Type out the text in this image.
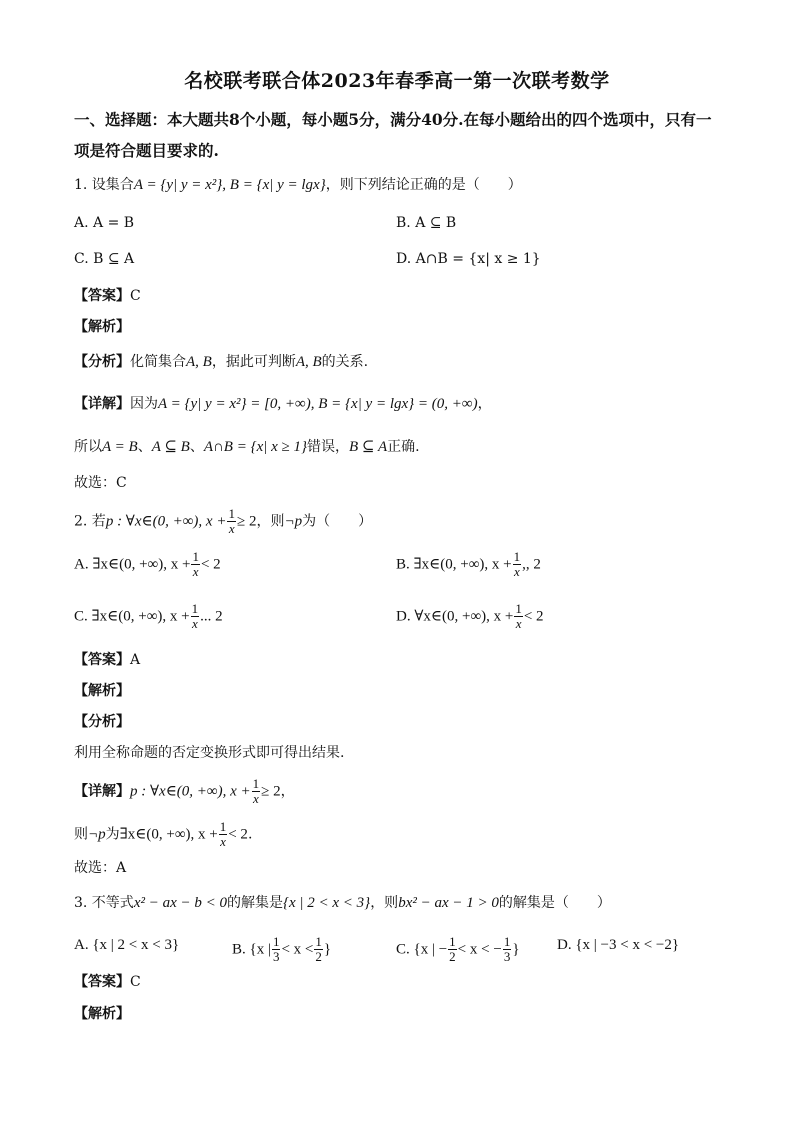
名校联考联合体2023年春季高一第一次联考数学
一、选择题：本大题共8个小题，每小题5分，满分40分.在每小题给出的四个选项中，只有一项是符合题目要求的.
1. 设集合A = {y| y = x²}, B = {x| y = lgx}，则下列结论正确的是（　　）
A. A = B	B. A ⊆ B
C. B ⊆ A	D. A∩B = {x| x ≥ 1}
【答案】C
【解析】
【分析】化简集合A, B，据此可判断A, B的关系.
【详解】因为A = {y| y = x²} = [0, +∞), B = {x| y = lgx} = (0, +∞)，
所以A = B、A ⊆ B、A∩B = {x| x ≥ 1}错误，B ⊆ A正确.
故选：C
2. 若p : ∀x∈(0, +∞), $x + \frac{1}{x} \ge 2$，则¬p为（　　）
A. ∃x∈(0, +∞), $x + \frac{1}{x} < 2$	B. ∃x∈(0, +∞), $x + \frac{1}{x}$ ,, 2
C. ∃x∈(0, +∞), $x + \frac{1}{x}$ ... 2	D. ∀x∈(0, +∞), $x + \frac{1}{x} < 2$
【答案】A
【解析】
【分析】
利用全称命题的否定变换形式即可得出结果.
【详解】p : ∀x∈(0, +∞), $x + \frac{1}{x} \ge 2$，
则¬p为∃x∈(0, +∞), $x + \frac{1}{x} < 2$.
故选：A
3. 不等式x² − ax − b < 0的解集是{x | 2 < x < 3}，则bx² − ax − 1 > 0的解集是（　　）
A. {x | 2 < x < 3}	B. {x | $\frac{1}{3} < x < \frac{1}{2}$ }	C. {x | − $\frac{1}{2} < x$ < − $\frac{1}{3}$ } D. {x | −3 < x < −2}
【答案】C
【解析】
